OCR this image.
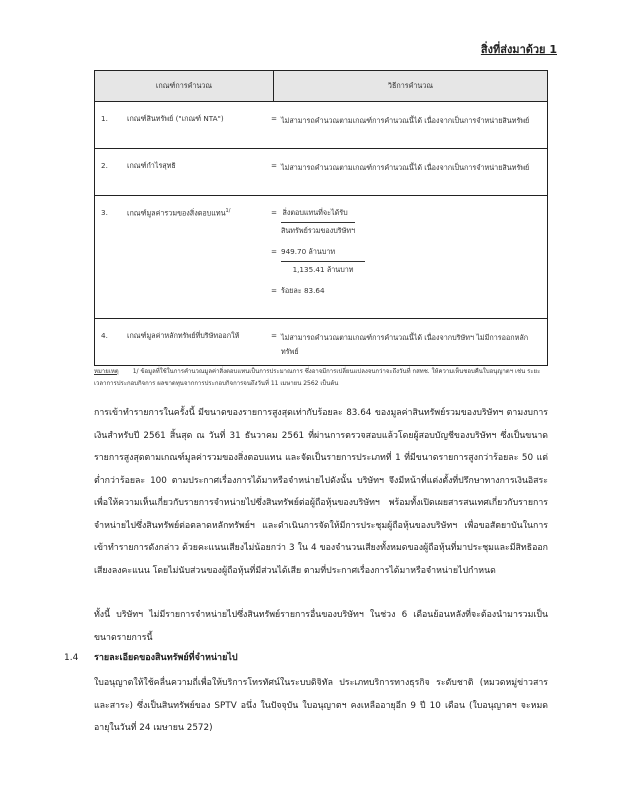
สิ่งที่ส่งมาด้วย 1
เกณฑ์การคำนวณ	วิธีการคำนวณ

1.	เกณฑ์สินทรัพย์ ("เกณฑ์ NTA")	= ไม่สามารถคำนวณตามเกณฑ์การคำนวณนี้ได้ เนื่องจากเป็นการจำหน่ายสินทรัพย์

2.	เกณฑ์กำไรสุทธิ	= ไม่สามารถคำนวณตามเกณฑ์การคำนวณนี้ได้ เนื่องจากเป็นการจำหน่ายสินทรัพย์

3.	เกณฑ์มูลค่ารวมของสิ่งตอบแทน$^{1/}$	= $\frac{\text{สิ่งตอบแทนที่จะได้รับ}}{\text{สินทรัพย์รวมของบริษัทฯ}}$
= $\frac{\text{949.70 ล้านบาท}}{\text{1,135.41 ล้านบาท}}$
= ร้อยละ 83.64

4.	เกณฑ์มูลค่าหลักทรัพย์ที่บริษัทออกให้	= ไม่สามารถคำนวณตามเกณฑ์การคำนวณนี้ได้ เนื่องจากบริษัทฯ ไม่มีการออกหลักทรัพย์
หมายเหตุ 1/ ข้อมูลที่ใช้ในการคำนวณมูลค่าสิ่งตอบแทนเป็นการประมาณการ ซึ่งอาจมีการเปลี่ยนแปลงจนกว่าจะถึงวันที่ กสทช. ให้ความเห็นชอบคืนใบอนุญาตฯ เช่น ระยะเวลาการประกอบกิจการ ผลขาดทุนจากการประกอบกิจการจนถึงวันที่ 11 เมษายน 2562 เป็นต้น
การเข้าทำรายการในครั้งนี้ มีขนาดของรายการสูงสุดเท่ากับร้อยละ 83.64 ของมูลค่าสินทรัพย์รวมของบริษัทฯ ตามงบการเงินสำหรับปี 2561 สิ้นสุด ณ วันที่ 31 ธันวาคม 2561 ที่ผ่านการตรวจสอบแล้วโดยผู้สอบบัญชีของบริษัทฯ ซึ่งเป็นขนาดรายการสูงสุดตามเกณฑ์มูลค่ารวมของสิ่งตอบแทน และจัดเป็นรายการประเภทที่ 1 ที่มีขนาดรายการสูงกว่าร้อยละ 50 แต่ต่ำกว่าร้อยละ 100 ตามประกาศเรื่องการได้มาหรือจำหน่ายไปดังนั้น บริษัทฯ จึงมีหน้าที่แต่งตั้งที่ปรึกษาทางการเงินอิสระเพื่อให้ความเห็นเกี่ยวกับรายการจำหน่ายไปซึ่งสินทรัพย์ต่อผู้ถือหุ้นของบริษัทฯ พร้อมทั้งเปิดเผยสารสนเทศเกี่ยวกับรายการจำหน่ายไปซึ่งสินทรัพย์ต่อตลาดหลักทรัพย์ฯ และดำเนินการจัดให้มีการประชุมผู้ถือหุ้นของบริษัทฯ เพื่อขอสัตยาบันในการเข้าทำรายการดังกล่าว ด้วยคะแนนเสียงไม่น้อยกว่า 3 ใน 4 ของจำนวนเสียงทั้งหมดของผู้ถือหุ้นที่มาประชุมและมีสิทธิออกเสียงลงคะแนน โดยไม่นับส่วนของผู้ถือหุ้นที่มีส่วนได้เสีย ตามที่ประกาศเรื่องการได้มาหรือจำหน่ายไปกำหนด
ทั้งนี้ บริษัทฯ ไม่มีรายการจำหน่ายไปซึ่งสินทรัพย์รายการอื่นของบริษัทฯ ในช่วง 6 เดือนย้อนหลังที่จะต้องนำมารวมเป็นขนาดรายการนี้
1.4 รายละเอียดของสินทรัพย์ที่จำหน่ายไป
ใบอนุญาตให้ใช้คลื่นความถี่เพื่อให้บริการโทรทัศน์ในระบบดิจิทัล ประเภทบริการทางธุรกิจ ระดับชาติ (หมวดหมู่ข่าวสารและสาระ) ซึ่งเป็นสินทรัพย์ของ SPTV อนึ่ง ในปัจจุบัน ใบอนุญาตฯ คงเหลืออายุอีก 9 ปี 10 เดือน (ใบอนุญาตฯ จะหมดอายุในวันที่ 24 เมษายน 2572)
